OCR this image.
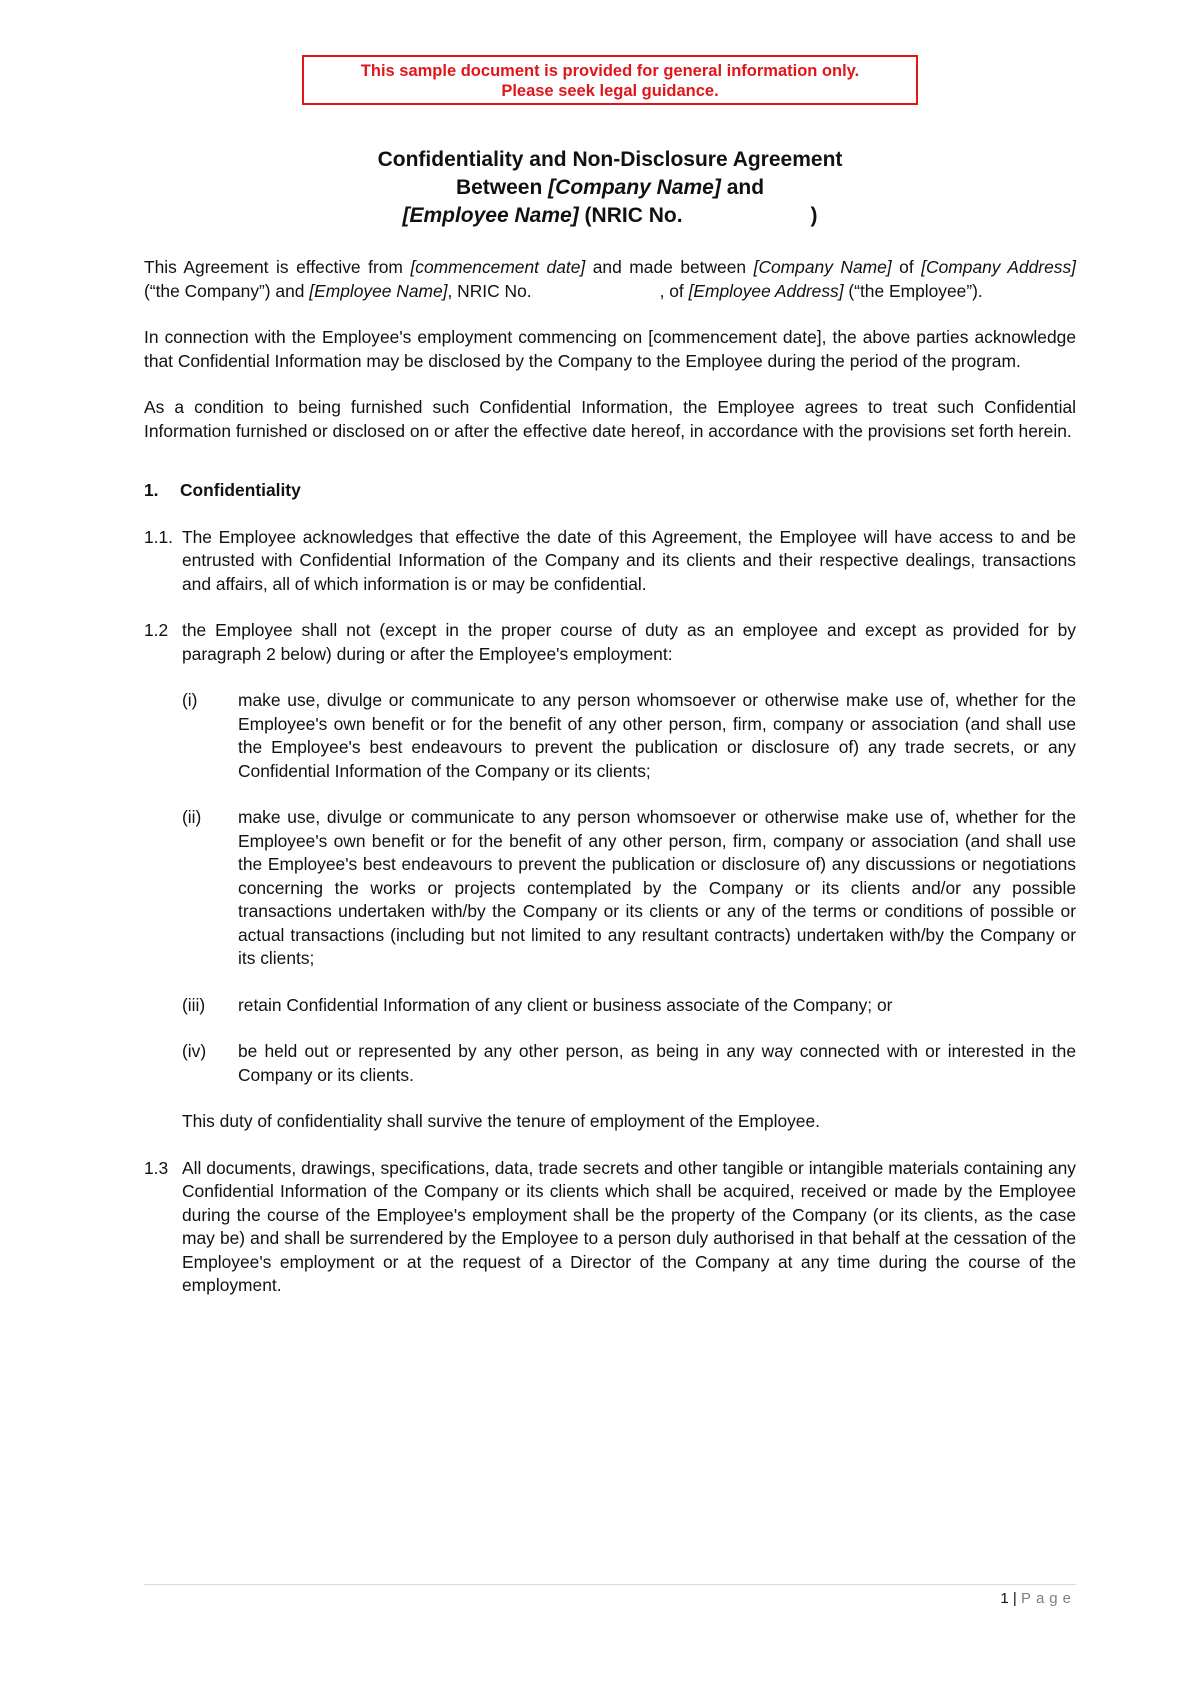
This sample document is provided for general information only.
Please seek legal guidance.
Confidentiality and Non-Disclosure Agreement
Between [Company Name] and
[Employee Name] (NRIC No.	)

This Agreement is effective from [commencement date] and made between [Company Name] of [Company Address] (“the Company”) and [Employee Name], NRIC No.	, of [Employee Address] (“the Employee”).

In connection with the Employee's employment commencing on [commencement date], the above parties acknowledge that Confidential Information may be disclosed by the Company to the Employee during the period of the program.

As a condition to being furnished such Confidential Information, the Employee agrees to treat such Confidential Information furnished or disclosed on or after the effective date hereof, in accordance with the provisions set forth herein.

1.	Confidentiality
1.1. The Employee acknowledges that effective the date of this Agreement, the Employee will have access to and be entrusted with Confidential Information of the Company and its clients and their respective dealings, transactions and affairs, all of which information is or may be confidential.
1.2 the Employee shall not (except in the proper course of duty as an employee and except as provided for by paragraph 2 below) during or after the Employee's employment:
(i)	make use, divulge or communicate to any person whomsoever or otherwise make use of, whether for the Employee's own benefit or for the benefit of any other person, firm, company or association (and shall use the Employee's best endeavours to prevent the publication or disclosure of) any trade secrets, or any Confidential Information of the Company or its clients;
(ii)	make use, divulge or communicate to any person whomsoever or otherwise make use of, whether for the Employee's own benefit or for the benefit of any other person, firm, company or association (and shall use the Employee's best endeavours to prevent the publication or disclosure of) any discussions or negotiations concerning the works or projects contemplated by the Company or its clients and/or any possible transactions undertaken with/by the Company or its clients or any of the terms or conditions of possible or actual transactions (including but not limited to any resultant contracts) undertaken with/by the Company or its clients;
(iii)	retain Confidential Information of any client or business associate of the Company; or
(iv)	be held out or represented by any other person, as being in any way connected with or interested in the Company or its clients.

This duty of confidentiality shall survive the tenure of employment of the Employee.

1.3 All documents, drawings, specifications, data, trade secrets and other tangible or intangible materials containing any Confidential Information of the Company or its clients which shall be acquired, received or made by the Employee during the course of the Employee's employment shall be the property of the Company (or its clients, as the case may be) and shall be surrendered by the Employee to a person duly authorised in that behalf at the cessation of the Employee's employment or at the request of a Director of the Company at any time during the course of the employment.
1 | Page
